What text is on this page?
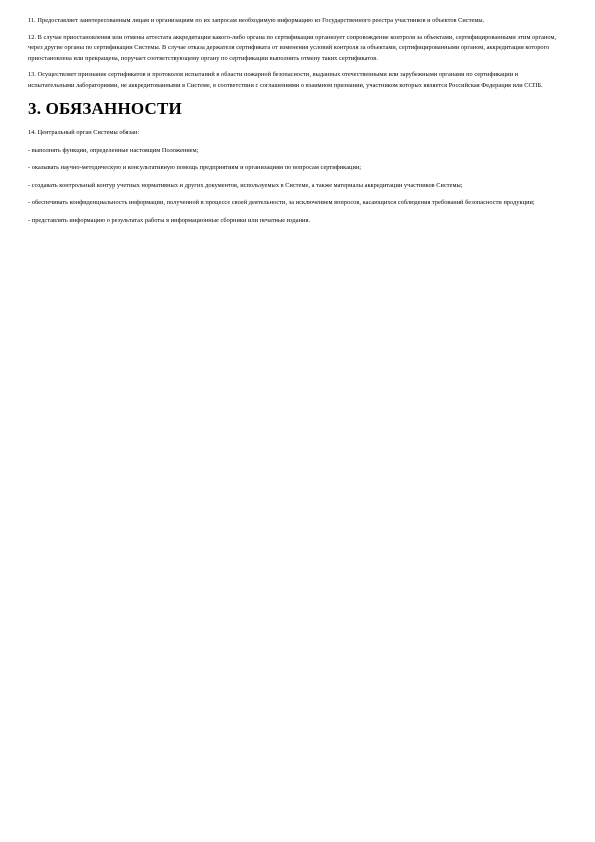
11. Предоставляет заинтересованным лицам и организациям по их запросам необходимую информацию из Государственного реестра участников и объектов Системы.

12. В случае приостановления или отмены аттестата аккредитации какого-либо органа по сертификации организует сопровождение контроля за объектами, сертифицированными этим органом, через другие органы по сертификации Системы. В случае отказа держателя сертификата от изменения условий контроля за объектами, сертифицированными органом, аккредитация которого приостановлена или прекращена, поручает соответствующему органу по сертификации выполнить отмену таких сертификатов.

13. Осуществляет признание сертификатов и протоколов испытаний в области пожарной безопасности, выданных отечественными или зарубежными органами по сертификации и испытательными лабораториями, не аккредитованными в Системе, в соответствии с соглашениями о взаимном признании, участником которых является Российская Федерация или ССПБ.

3. ОБЯЗАННОСТИ

14. Центральный орган Системы обязан:

- выполнять функции, определенные настоящим Положением;

- оказывать научно-методическую и консультативную помощь предприятиям и организациям по вопросам сертификации;

- создавать контрольный контур учетных нормативных и других документов, используемых в Системе, а также материалы аккредитации участников Системы;

- обеспечивать конфиденциальность информации, полученной в процессе своей деятельности, за исключением вопросов, касающихся соблюдения требований безопасности продукции;

- представлять информацию о результатах работы в информационные сборники или печатные издания.
